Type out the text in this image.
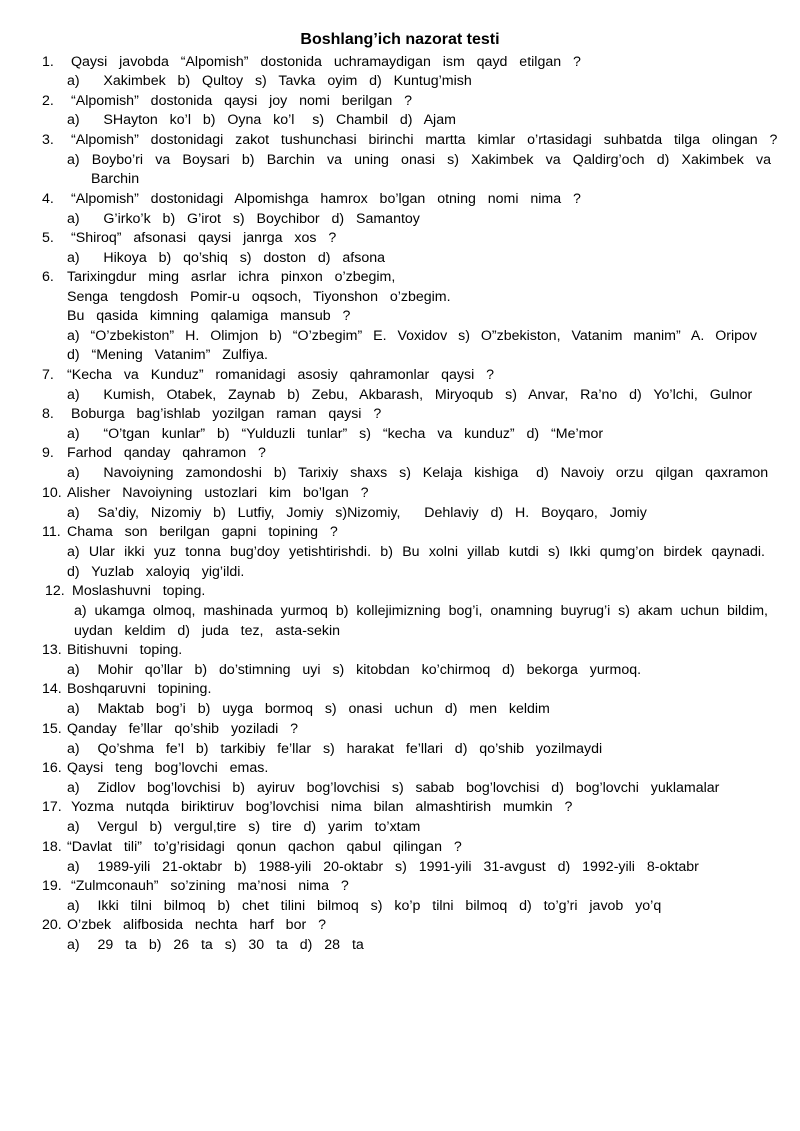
Boshlang’ich nazorat testi
1. Qaysi  javobda  “Alpomish”  dostonida  uchramaydigan  ism  qayd  etilgan  ?
a)    Xakimbek  b)  Qultoy  s)  Tavka  oyim  d)  Kuntug’mish
2. “Alpomish”  dostonida  qaysi  joy  nomi  berilgan  ?
a)    SHayton  ko’l  b)  Oyna  ko’l   s)  Chambil  d)  Ajam
3. “Alpomish”  dostonidagi  zakot  tushunchasi  birinchi  martta  kimlar  o’rtasidagi  suhbatda  tilga  olingan  ?
a) Boybo’ri va Boysari b) Barchin va uning onasi s) Xakimbek va Qaldirg’och d) Xakimbek va
Barchin
4. “Alpomish”  dostonidagi  Alpomishga  hamrox  bo’lgan  otning  nomi  nima  ?
a)    G’irko’k  b)  G’irot  s)  Boychibor  d)  Samantoy
5. “Shiroq”  afsonasi  qaysi  janrga  xos  ?
a)    Hikoya  b)  qo’shiq  s)  doston  d)  afsona
6. Tarixingdur  ming  asrlar  ichra  pinxon  o’zbegim,
Senga  tengdosh  Pomir-u  oqsoch,  Tiyonshon  o’zbegim.
Bu  qasida  kimning  qalamiga  mansub  ?
a) “O’zbekiston” H. Olimjon b) “O’zbegim” E. Voxidov s) O”zbekiston, Vatanim manim” A. Oripov
d)  “Mening  Vatanim”  Zulfiya.
7. “Kecha  va  Kunduz”  romanidagi  asosiy  qahramonlar  qaysi  ?
a)    Kumish,  Otabek,  Zaynab  b)  Zebu,  Akbarash,  Miryoqub  s)  Anvar,  Ra’no  d)  Yo’lchi,  Gulnor
8. Boburga  bag’ishlab  yozilgan  raman  qaysi  ?
a)    “O’tgan  kunlar”  b)  “Yulduzli  tunlar”  s)  “kecha  va  kunduz”  d)  “Me’mor
9. Farhod  qanday  qahramon  ?
a)    Navoiyning  zamondoshi  b)  Tarixiy  shaxs  s)  Kelaja  kishiga   d)  Navoiy  orzu  qilgan  qaxramon
10. Alisher  Navoiyning  ustozlari  kim  bo’lgan  ?
a)   Sa’diy,  Nizomiy  b)  Lutfiy,  Jomiy  s)Nizomiy,    Dehlaviy  d)  H.  Boyqaro,  Jomiy
11. Chama  son  berilgan  gapni  topining  ?
a) Ular ikki yuz tonna bug’doy yetishtirishdi. b) Bu xolni yillab kutdi s) Ikki qumg’on birdek qaynadi.
d)  Yuzlab  xaloyiq  yig’ildi.
12. Moslashuvni  toping.
a) ukamga olmoq, mashinada yurmoq b) kollejimizning bog’i, onamning buyrug’i s) akam uchun bildim,
uydan  keldim  d)  juda  tez,  asta-sekin
13. Bitishuvni  toping.
a)   Mohir  qo’llar  b)  do’stimning  uyi  s)  kitobdan  ko’chirmoq  d)  bekorga  yurmoq.
14. Boshqaruvni  topining.
a)   Maktab  bog’i  b)  uyga  bormoq  s)  onasi  uchun  d)  men  keldim
15. Qanday  fe’llar  qo’shib  yoziladi  ?
a)   Qo’shma  fe’l  b)  tarkibiy  fe’llar  s)  harakat  fe’llari  d)  qo’shib  yozilmaydi
16. Qaysi  teng  bog’lovchi  emas.
a)   Zidlov  bog’lovchisi  b)  ayiruv  bog’lovchisi  s)  sabab  bog’lovchisi  d)  bog’lovchi  yuklamalar
17. Yozma  nutqda  biriktiruv  bog’lovchisi  nima  bilan  almashtirish  mumkin  ?
a)   Vergul  b)  vergul,tire  s)  tire  d)  yarim  to’xtam
18. “Davlat  tili”  to’g’risidagi  qonun  qachon  qabul  qilingan  ?
a)   1989-yili  21-oktabr  b)  1988-yili  20-oktabr  s)  1991-yili  31-avgust  d)  1992-yili  8-oktabr
19. “Zulmconauh”  so’zining  ma’nosi  nima  ?
a)   Ikki  tilni  bilmoq  b)  chet  tilini  bilmoq  s)  ko’p  tilni  bilmoq  d)  to’g’ri  javob  yo’q
20. O’zbek  alifbosida  nechta  harf  bor  ?
a)   29  ta  b)  26  ta  s)  30  ta  d)  28  ta
